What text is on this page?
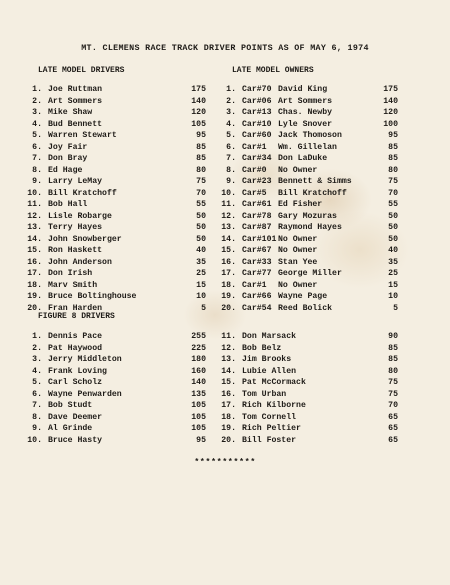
MT. CLEMENS RACE TRACK DRIVER POINTS AS OF MAY 6, 1974
LATE MODEL DRIVERS	LATE MODEL OWNERS
1. Joe Ruttman	175
2. Art Sommers	140
3. Mike Shaw	120
4. Bud Bennett	105
5. Warren Stewart	95
6. Joy Fair	85
7. Don Bray	85
8. Ed Hage	80
9. Larry LeMay	75
10. Bill Kratchoff	70
11. Bob Hall	55
12. Lisle Robarge	50
13. Terry Hayes	50
14. John Snowberger	50
15. Ron Haskett	40
16. John Anderson	35
17. Don Irish	25
18. Marv Smith	15
19. Bruce Boltinghouse	10
20. Fran Harden	5
1. Car#70 David King	175
2. Car#06 Art Sommers	140
3. Car#13 Chas. Newby	120
4. Car#10 Lyle Snover	100
5. Car#60 Jack Thomoson	95
6. Car#1 Wm. Gillelan	85
7. Car#34 Don LaDuke	85
8. Car#0 No Owner	80
9. Car#23 Bennett & Simms	75
10. Car#5 Bill Kratchoff	70
11. Car#61 Ed Fisher	55
12. Car#78 Gary Mozuras	50
13. Car#87 Raymond Hayes	50
14. Car#101 No Owner	50
15. Car#67 No Owner	40
16. Car#33 Stan Yee	35
17. Car#77 George Miller	25
18. Car#1 No Owner	15
19. Car#66 Wayne Page	10
20. Car#54 Reed Bolick	5
FIGURE 8 DRIVERS
1. Dennis Pace	255
2. Pat Haywood	225
3. Jerry Middleton	180
4. Frank Loving	160
5. Carl Scholz	140
6. Wayne Penwarden	135
7. Bob Studt	105
8. Dave Deemer	105
9. Al Grinde	105
10. Bruce Hasty	95
11. Don Marsack	90
12. Bob Belz	85
13. Jim Brooks	85
14. Lubie Allen	80
15. Pat McCormack	75
16. Tom Urban	75
17. Rich Kilborne	70
18. Tom Cornell	65
19. Rich Peltier	65
20. Bill Foster	65
***********
